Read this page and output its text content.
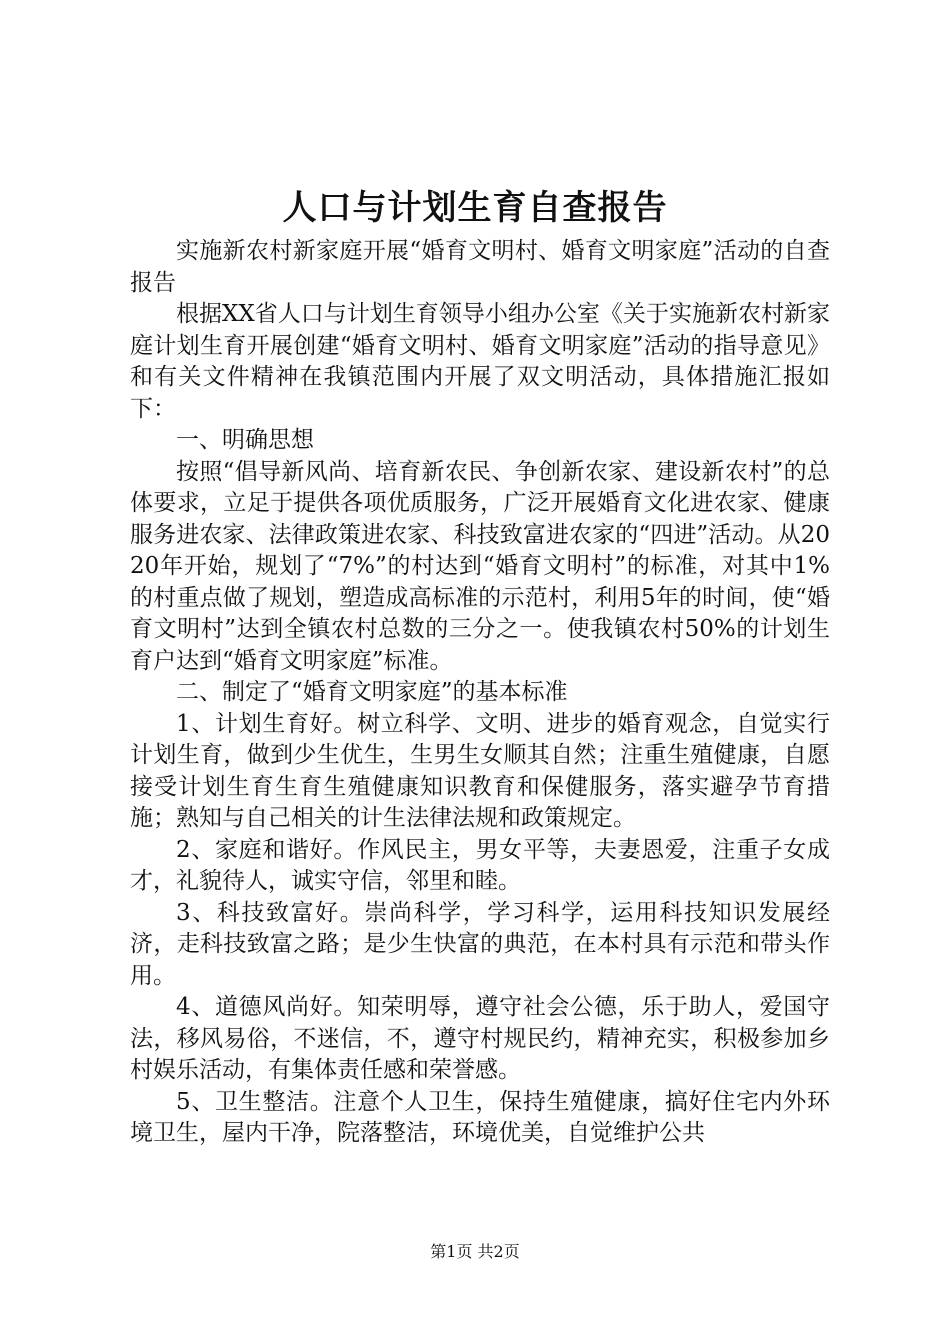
人口与计划生育自查报告

实施新农村新家庭开展“婚育文明村、婚育文明家庭”活动的自查报告

根据XX省人口与计划生育领导小组办公室《关于实施新农村新家庭计划生育开展创建“婚育文明村、婚育文明家庭”活动的指导意见》和有关文件精神在我镇范围内开展了双文明活动，具体措施汇报如下：

一、明确思想

按照“倡导新风尚、培育新农民、争创新农家、建设新农村”的总体要求，立足于提供各项优质服务，广泛开展婚育文化进农家、健康服务进农家、法律政策进农家、科技致富进农家的“四进”活动。从2020年开始，规划了“7%”的村达到“婚育文明村”的标准，对其中1%的村重点做了规划，塑造成高标准的示范村，利用5年的时间，使“婚育文明村”达到全镇农村总数的三分之一。使我镇农村50%的计划生育户达到“婚育文明家庭”标准。

二、制定了“婚育文明家庭”的基本标准

1、计划生育好。树立科学、文明、进步的婚育观念，自觉实行计划生育，做到少生优生，生男生女顺其自然；注重生殖健康，自愿接受计划生育生育生殖健康知识教育和保健服务，落实避孕节育措施；熟知与自己相关的计生法律法规和政策规定。

2、家庭和谐好。作风民主，男女平等，夫妻恩爱，注重子女成才，礼貌待人，诚实守信，邻里和睦。

3、科技致富好。崇尚科学，学习科学，运用科技知识发展经济，走科技致富之路；是少生快富的典范，在本村具有示范和带头作用。

4、道德风尚好。知荣明辱，遵守社会公德，乐于助人，爱国守法，移风易俗，不迷信，不，遵守村规民约，精神充实，积极参加乡村娱乐活动，有集体责任感和荣誉感。

5、卫生整洁。注意个人卫生，保持生殖健康，搞好住宅内外环境卫生，屋内干净，院落整洁，环境优美，自觉维护公共

第1页 共2页
